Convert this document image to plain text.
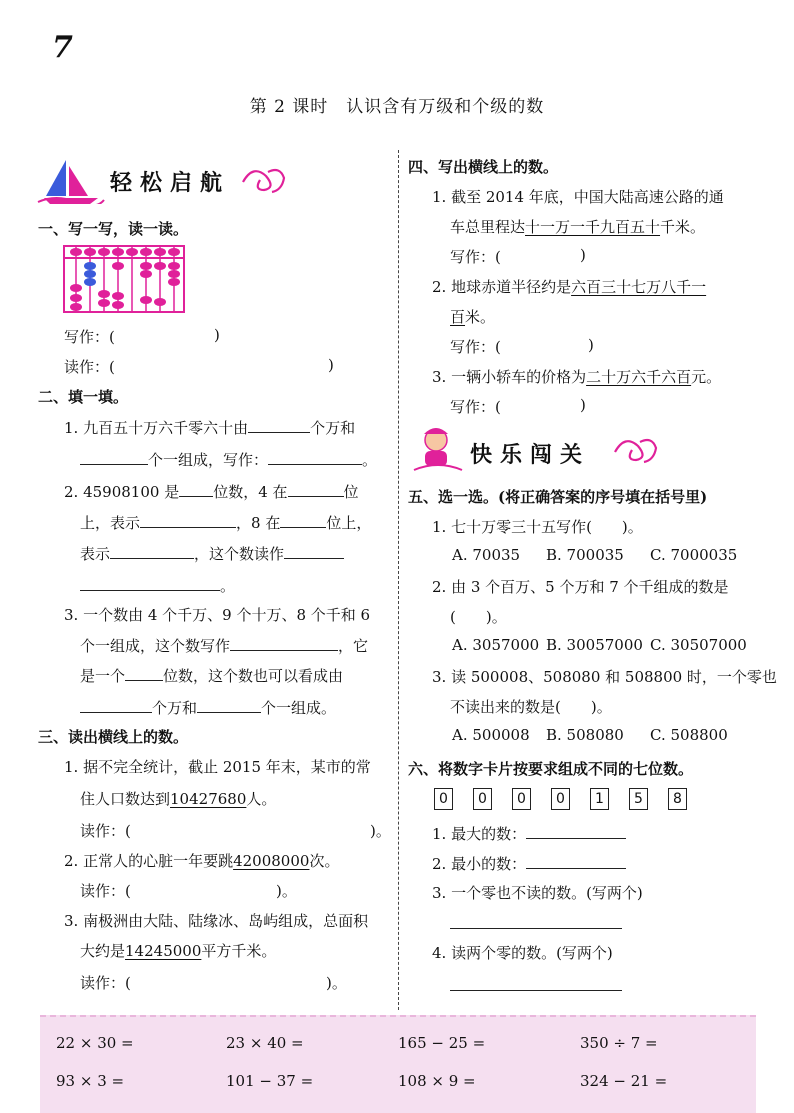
7
第 2 课时　认识含有万级和个级的数
轻松启航
一、写一写，读一读。
写作：(	)
读作：(	)
二、填一填。
1. 九百五十万六千零六十由	个万和
个一组成，写作：	。
2. 45908100 是 位数，4 在	位
上，表示	，8 在	位上，
表示	，这个数读作
。
3. 一个数由 4 个千万、9 个十万、8 个千和 6
个一组成，这个数写作	，它
是一个	位数，这个数也可以看成由
个万和	个一组成。
三、读出横线上的数。
1. 据不完全统计，截止 2015 年末，某市的常
住人口数达到10427680人。
读作：(	)。
2. 正常人的心脏一年要跳42008000次。
读作：(	)。
3. 南极洲由大陆、陆缘冰、岛屿组成，总面积
大约是14245000平方千米。
读作：(	)。
四、写出横线上的数。
1. 截至 2014 年底，中国大陆高速公路的通
车总里程达十一万一千九百五十千米。
写作：(	)
2. 地球赤道半径约是六百三十七万八千一
百米。
写作：(	)
3. 一辆小轿车的价格为二十万六千六百元。
写作：(	)
快乐闯关
五、选一选。(将正确答案的序号填在括号里)
1. 七十万零三十五写作(　　)。
A. 70035 B. 700035 C. 7000035
2. 由 3 个百万、5 个万和 7 个千组成的数是
(　　)。
A. 3057000 B. 30057000 C. 30507000
3. 读 500008、508080 和 508800 时，一个零也
不读出来的数是(　　)。
A. 500008 B. 508080 C. 508800
六、将数字卡片按要求组成不同的七位数。
0 0 0 0 1 5 8
1. 最大的数：
2. 最小的数：
3. 一个零也不读的数。(写两个)
4. 读两个零的数。(写两个)
22 × 30 =	23 × 40 =	165 − 25 =	350 ÷ 7 =
93 × 3 =	101 − 37 =	108 × 9 =	324 − 21 =
